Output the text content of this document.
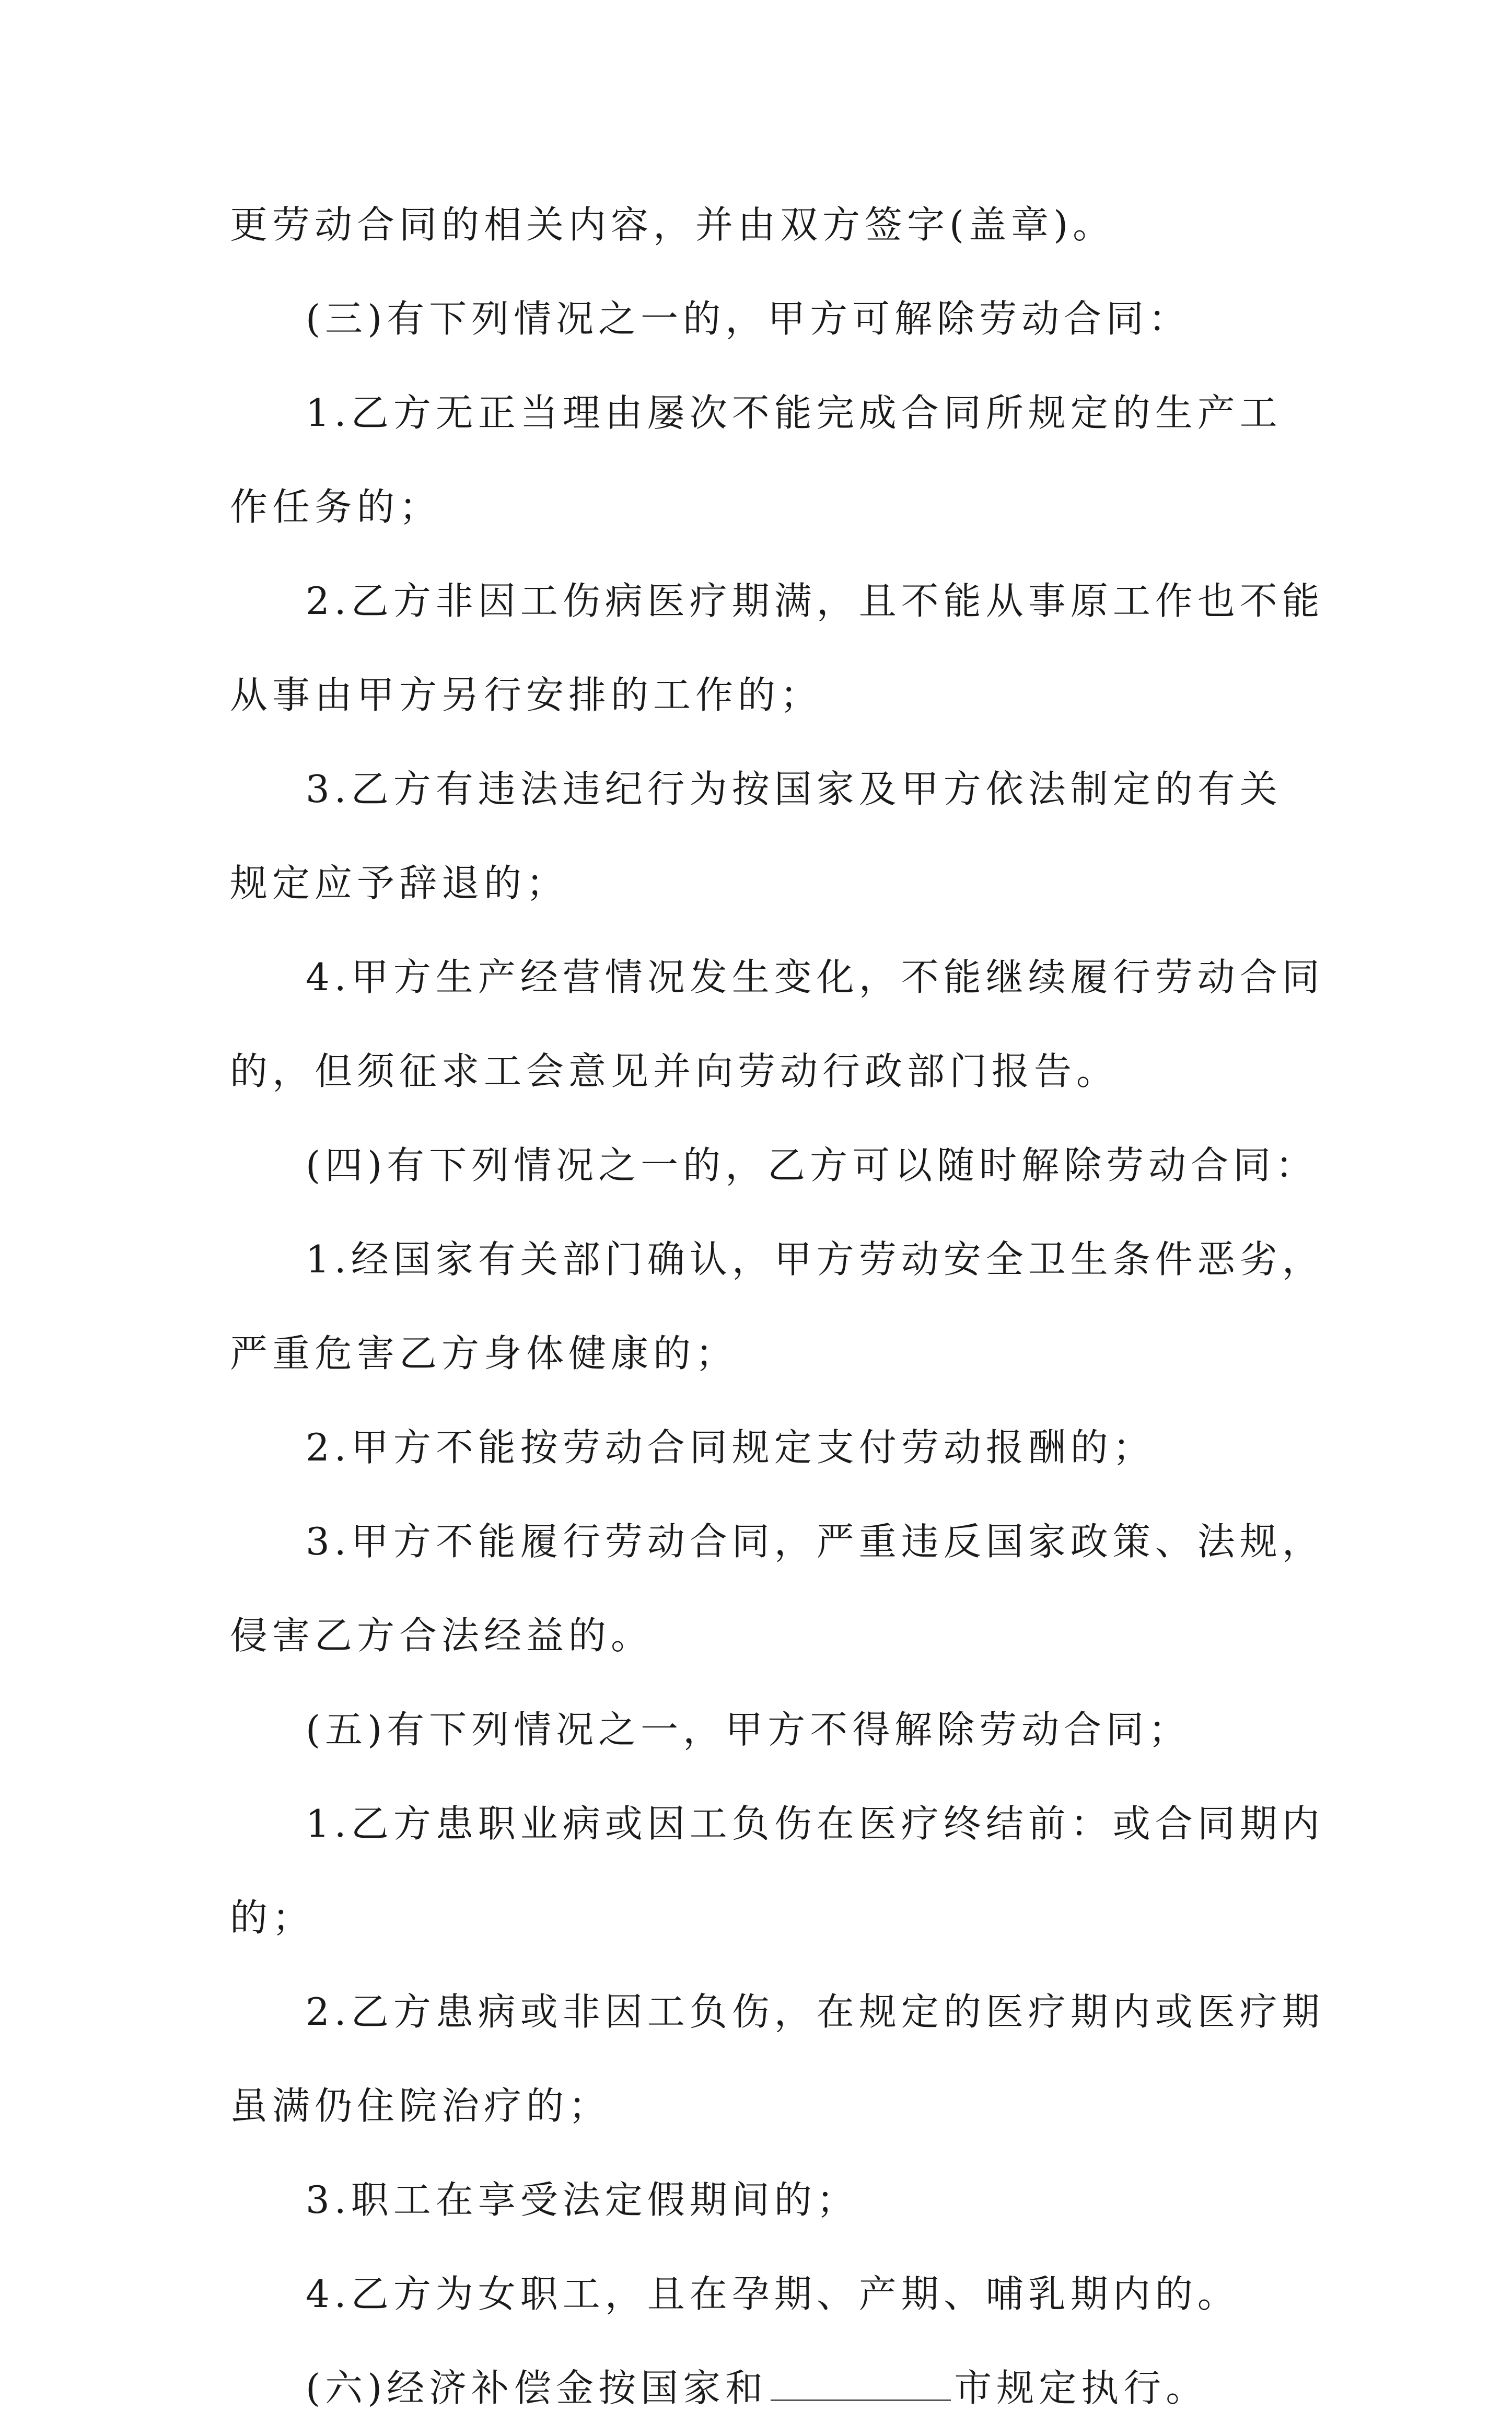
更劳动合同的相关内容，并由双方签字(盖章)。
(三)有下列情况之一的，甲方可解除劳动合同：
1.乙方无正当理由屡次不能完成合同所规定的生产工
作任务的；
2.乙方非因工伤病医疗期满，且不能从事原工作也不能
从事由甲方另行安排的工作的；
3.乙方有违法违纪行为按国家及甲方依法制定的有关
规定应予辞退的；
4.甲方生产经营情况发生变化，不能继续履行劳动合同
的，但须征求工会意见并向劳动行政部门报告。
(四)有下列情况之一的，乙方可以随时解除劳动合同：
1.经国家有关部门确认，甲方劳动安全卫生条件恶劣，
严重危害乙方身体健康的；
2.甲方不能按劳动合同规定支付劳动报酬的；
3.甲方不能履行劳动合同，严重违反国家政策、法规，
侵害乙方合法经益的。
(五)有下列情况之一，甲方不得解除劳动合同；
1.乙方患职业病或因工负伤在医疗终结前：或合同期内
的；
2.乙方患病或非因工负伤，在规定的医疗期内或医疗期
虽满仍住院治疗的；
3.职工在享受法定假期间的；
4.乙方为女职工，且在孕期、产期、哺乳期内的。
(六)经济补偿金按国家和	市规定执行。
